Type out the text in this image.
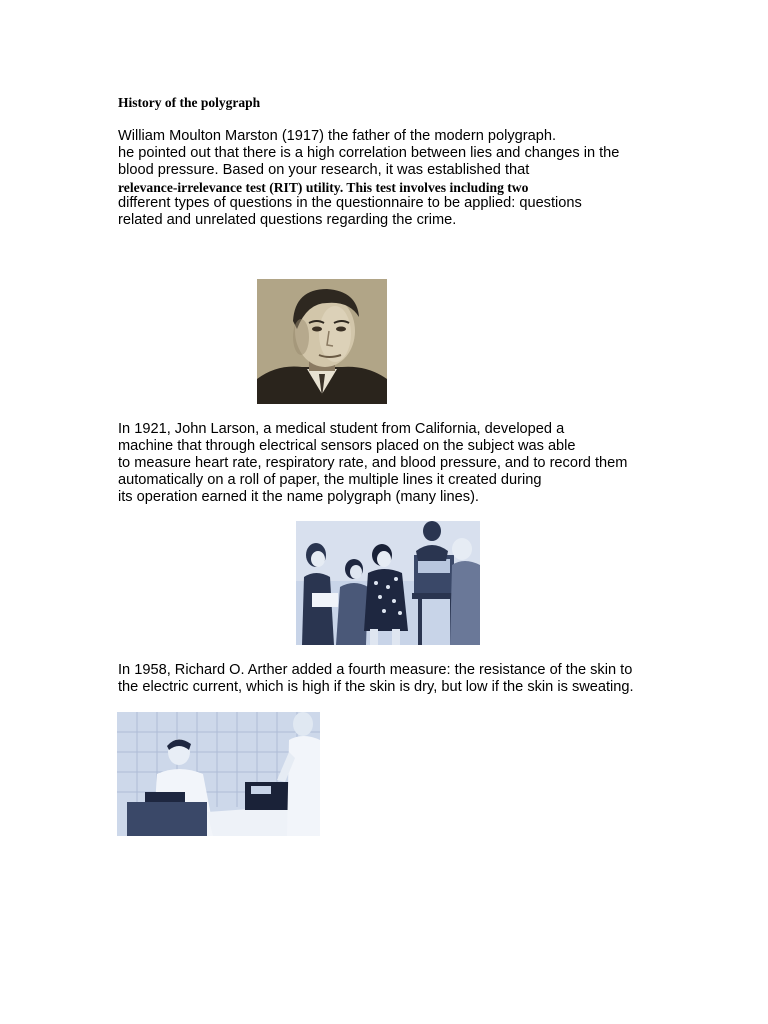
History of the polygraph
William Moulton Marston (1917) the father of the modern polygraph.
he pointed out that there is a high correlation between lies and changes in the
blood pressure. Based on your research, it was established that
relevance-irrelevance test (RIT) utility. This test involves including two
different types of questions in the questionnaire to be applied: questions
related and unrelated questions regarding the crime.
In 1921, John Larson, a medical student from California, developed a
machine that through electrical sensors placed on the subject was able
to measure heart rate, respiratory rate, and blood pressure, and to record them
automatically on a roll of paper, the multiple lines it created during
its operation earned it the name polygraph (many lines).
In 1958, Richard O. Arther added a fourth measure: the resistance of the skin to
the electric current, which is high if the skin is dry, but low if the skin is sweating.
